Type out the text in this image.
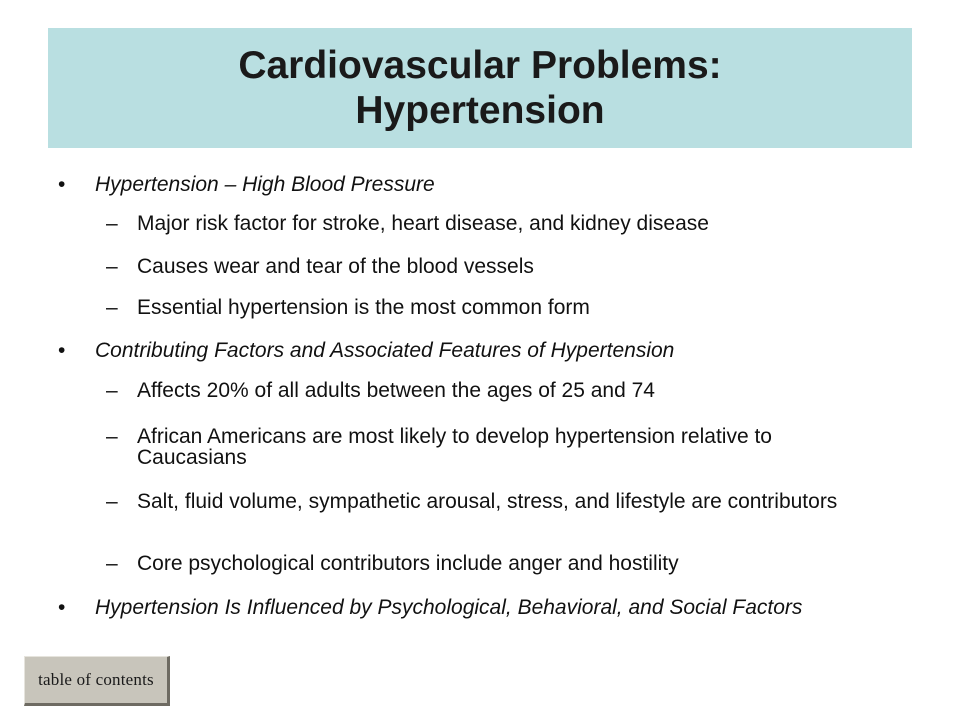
Cardiovascular Problems:
Hypertension
• Hypertension – High Blood Pressure
– Major risk factor for stroke, heart disease, and kidney disease
– Causes wear and tear of the blood vessels
– Essential hypertension is the most common form
• Contributing Factors and Associated Features of Hypertension
– Affects 20% of all adults between the ages of 25 and 74
– African Americans are most likely to develop hypertension relative to Caucasians
– Salt, fluid volume, sympathetic arousal, stress, and lifestyle are contributors
– Core psychological contributors include anger and hostility
• Hypertension Is Influenced by Psychological, Behavioral, and Social Factors
table of contents
